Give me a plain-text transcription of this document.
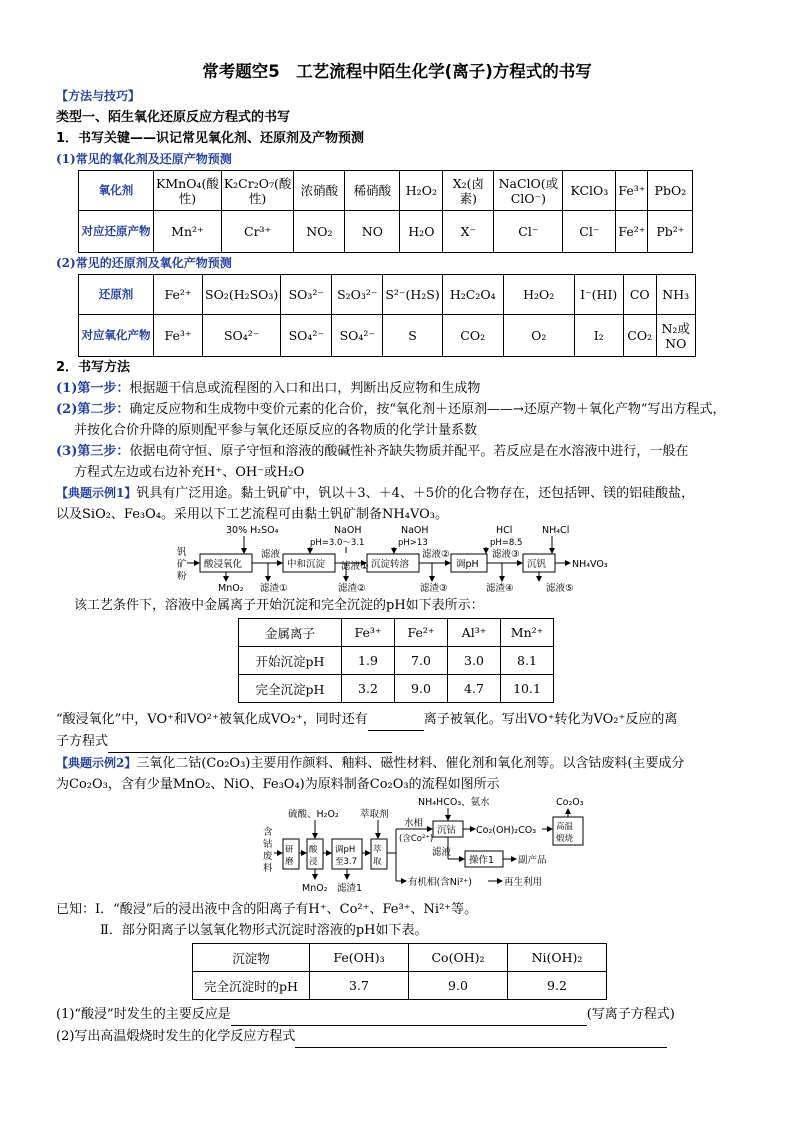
常考题空5　工艺流程中陌生化学(离子)方程式的书写
【方法与技巧】
类型一、陌生氧化还原反应方程式的书写
1．书写关键——识记常见氧化剂、还原剂及产物预测
(1)常见的氧化剂及还原产物预测
氧化剂	KMnO₄(酸性)	K₂Cr₂O₇(酸性)	浓硝酸	稀硝酸	H₂O₂	X₂(卤素)	NaClO(或ClO⁻)	KClO₃	Fe³⁺	PbO₂
对应还原产物	Mn²⁺	Cr³⁺	NO₂	NO	H₂O	X⁻	Cl⁻	Cl⁻	Fe²⁺	Pb²⁺
(2)常见的还原剂及氧化产物预测
还原剂	Fe²⁺	SO₂(H₂SO₃)	SO₃²⁻	S₂O₃²⁻	S²⁻(H₂S)	H₂C₂O₄	H₂O₂	I⁻(HI)	CO	NH₃
对应氧化产物	Fe³⁺	SO₄²⁻	SO₄²⁻	SO₄²⁻	S	CO₂	O₂	I₂	CO₂	N₂或NO
2．书写方法
(1)第一步：根据题干信息或流程图的入口和出口，判断出反应物和生成物
(2)第二步：确定反应物和生成物中变价元素的化合价，按“氧化剂＋还原剂——→还原产物＋氧化产物”写出方程式，
并按化合价升降的原则配平参与氧化还原反应的各物质的化学计量系数
(3)第三步：依据电荷守恒、原子守恒和溶液的酸碱性补齐缺失物质并配平。若反应是在水溶液中进行，一般在
方程式左边或右边补充H⁺、OH⁻或H₂O
【典题示例1】钒具有广泛用途。黏土钒矿中，钒以＋3、＋4、＋5价的化合物存在，还包括钾、镁的铝硅酸盐，
以及SiO₂、Fe₃O₄。采用以下工艺流程可由黏土钒矿制备NH₄VO₃。
钒
矿
粉
酸浸氧化
30% H₂SO₄
MnO₂
滤液
滤渣①
中和沉淀
NaOH
pH=3.0～3.1
滤液①
滤渣②
沉淀转溶
NaOH
pH>13
滤液②
滤渣③
调pH
HCl
pH=8.5
滤液③
滤渣④
沉钒
NH₄Cl
滤液⑤
NH₄VO₃
该工艺条件下，溶液中金属离子开始沉淀和完全沉淀的pH如下表所示：
金属离子	Fe³⁺	Fe²⁺	Al³⁺	Mn²⁺
开始沉淀pH	1.9	7.0	3.0	8.1
完全沉淀pH	3.2	9.0	4.7	10.1
“酸浸氧化”中，VO⁺和VO²⁺被氧化成VO₂⁺，同时还有	离子被氧化。写出VO⁺转化为VO₂⁺反应的离
子方程式
【典题示例2】三氧化二钴(Co₂O₃)主要用作颜料、釉料、磁性材料、催化剂和氧化剂等。以含钴废料(主要成分
为Co₂O₃，含有少量MnO₂、NiO、Fe₃O₄)为原料制备Co₂O₃的流程如图所示
含
钴
废
料
研
磨
硫酸、H₂O₂
酸
浸
MnO₂
调pH
至3.7
滤渣1
萃取剂
萃
取
水相
(含Co²⁺)
有机相(含Ni²⁺)	再生利用
NH₄HCO₃、氨水
沉钴 Co₂(OH)₂CO₃ 高温
煅烧
Co₂O₃
滤液
操作1	副产品
已知：Ⅰ．“酸浸”后的浸出液中含的阳离子有H⁺、Co²⁺、Fe³⁺、Ni²⁺等。
Ⅱ．部分阳离子以氢氧化物形式沉淀时溶液的pH如下表。
沉淀物	Fe(OH)₃	Co(OH)₂	Ni(OH)₂
完全沉淀时的pH	3.7	9.0	9.2
(1)“酸浸”时发生的主要反应是	(写离子方程式)
(2)写出高温煅烧时发生的化学反应方程式
